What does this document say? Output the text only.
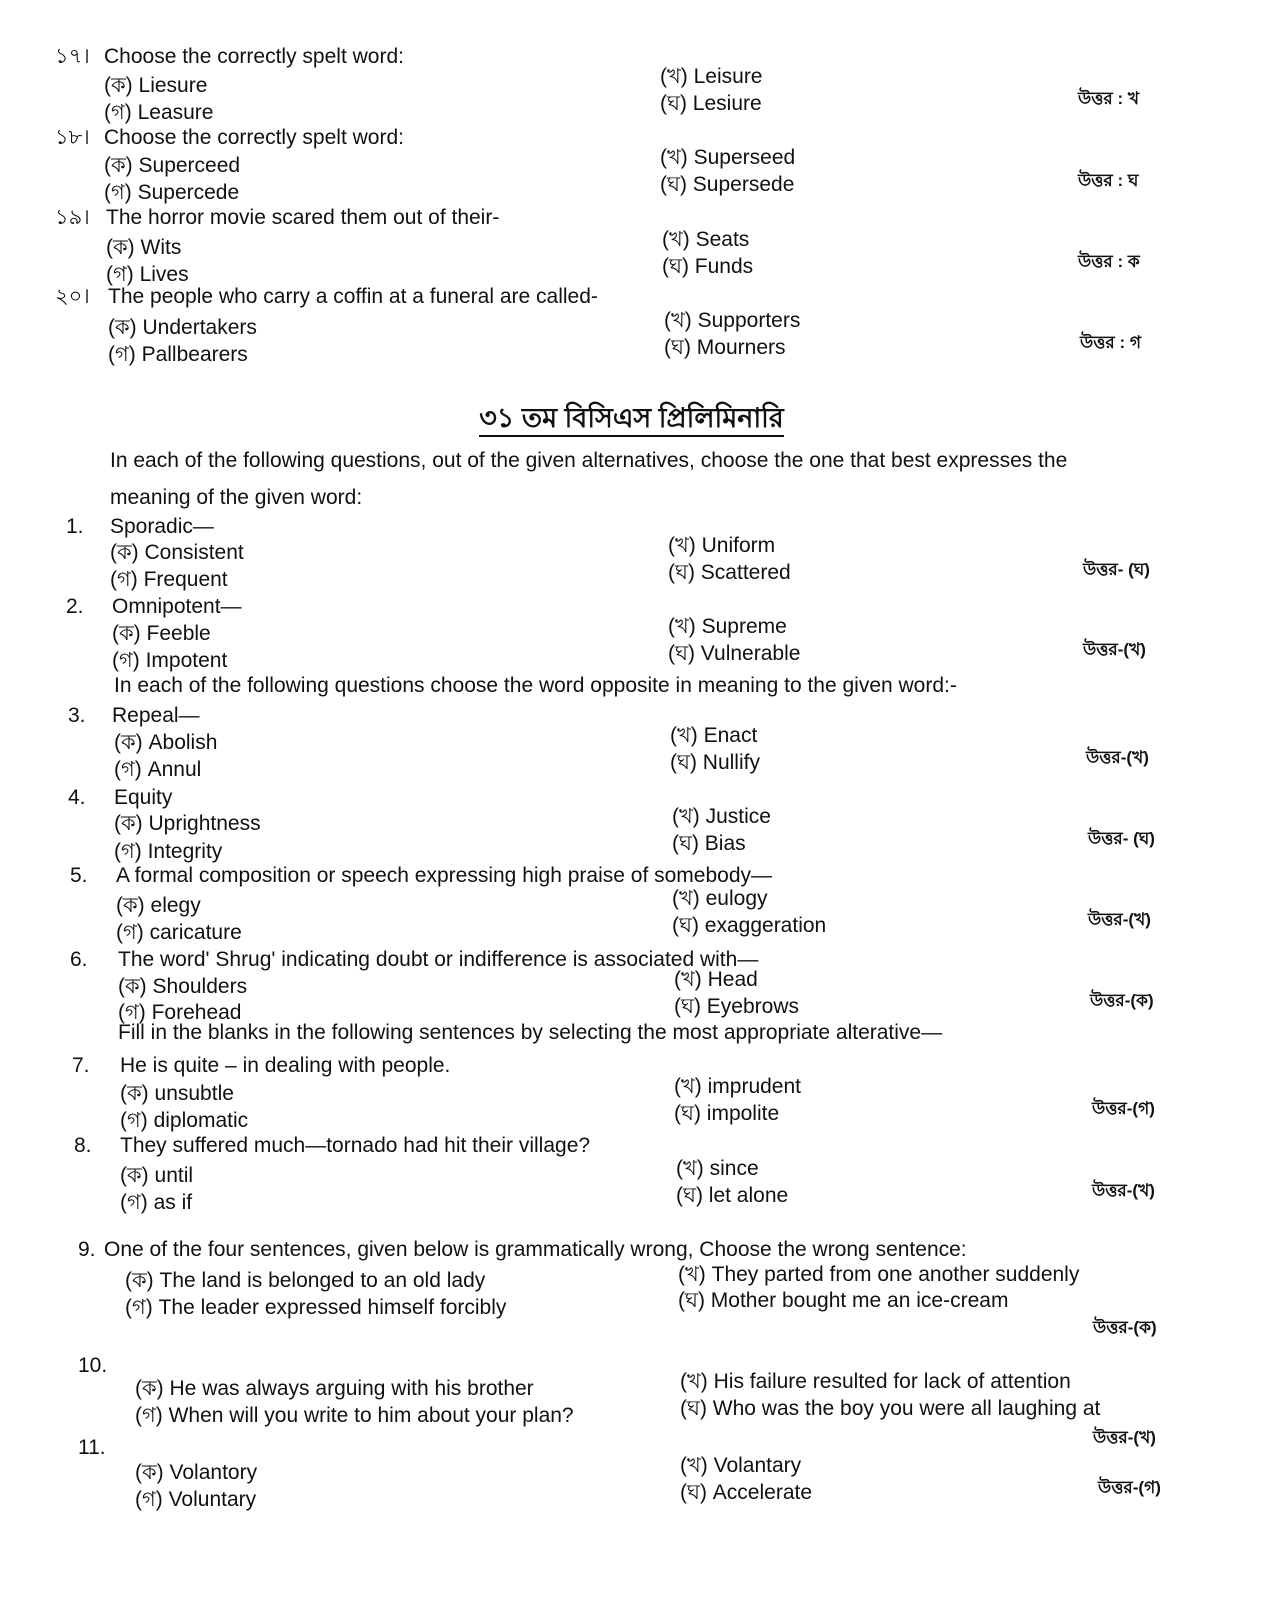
৩১ তম বিসিএস প্রিলিমিনারি
In each of the following questions, out of the given alternatives, choose the one that best expresses the
meaning of the given word:
In each of the following questions choose the word opposite in meaning to the given word:-
Fill in the blanks in the following sentences by selecting the most appropriate alterative—
১৭। Choose the correctly spelt word:
(ক) Liesure
(গ) Leasure
(খ) Leisure
(ঘ) Lesiure	উত্তর : খ
১৮। Choose the correctly spelt word:
(ক) Superceed
(গ) Supercede
(খ) Superseed
(ঘ) Supersede	উত্তর : ঘ
১৯। The horror movie scared them out of their-
(ক) Wits
(গ) Lives
(খ) Seats
(ঘ) Funds	উত্তর : ক
২০। The people who carry a coffin at a funeral are called-
(ক) Undertakers
(গ) Pallbearers
(খ) Supporters
(ঘ) Mourners	উত্তর : গ
1. Sporadic—
(ক) Consistent
(গ) Frequent
(খ) Uniform
(ঘ) Scattered	উত্তর- (ঘ)
2. Omnipotent—
(ক) Feeble
(গ) Impotent
(খ) Supreme
(ঘ) Vulnerable	উত্তর-(খ)
3. Repeal—
(ক) Abolish
(গ) Annul
(খ) Enact
(ঘ) Nullify	উত্তর-(খ)
4. Equity
(ক) Uprightness
(গ) Integrity
(খ) Justice
(ঘ) Bias	উত্তর- (ঘ)
5. A formal composition or speech expressing high praise of somebody—
(ক) elegy
(গ) caricature
(খ) eulogy
(ঘ) exaggeration	উত্তর-(খ)
6. The word' Shrug' indicating doubt or indifference is associated with—
(ক) Shoulders
(গ) Forehead
(খ) Head
(ঘ) Eyebrows	উত্তর-(ক)
7. He is quite – in dealing with people.
(ক) unsubtle
(গ) diplomatic
(খ) imprudent
(ঘ) impolite	উত্তর-(গ)
8. They suffered much—tornado had hit their village?
(ক) until
(গ) as if
(খ) since
(ঘ) let alone	উত্তর-(খ)
9. One of the four sentences, given below is grammatically wrong, Choose the wrong sentence:
(ক) The land is belonged to an old lady
(গ) The leader expressed himself forcibly
(খ) They parted from one another suddenly
(ঘ) Mother bought me an ice-cream
উত্তর-(ক)
10.
(ক) He was always arguing with his brother
(গ) When will you write to him about your plan?
(খ) His failure resulted for lack of attention
(ঘ) Who was the boy you were all laughing at
উত্তর-(খ)
11.
(ক) Volantory
(গ) Voluntary
(খ) Volantary
(ঘ) Accelerate	উত্তর-(গ)
